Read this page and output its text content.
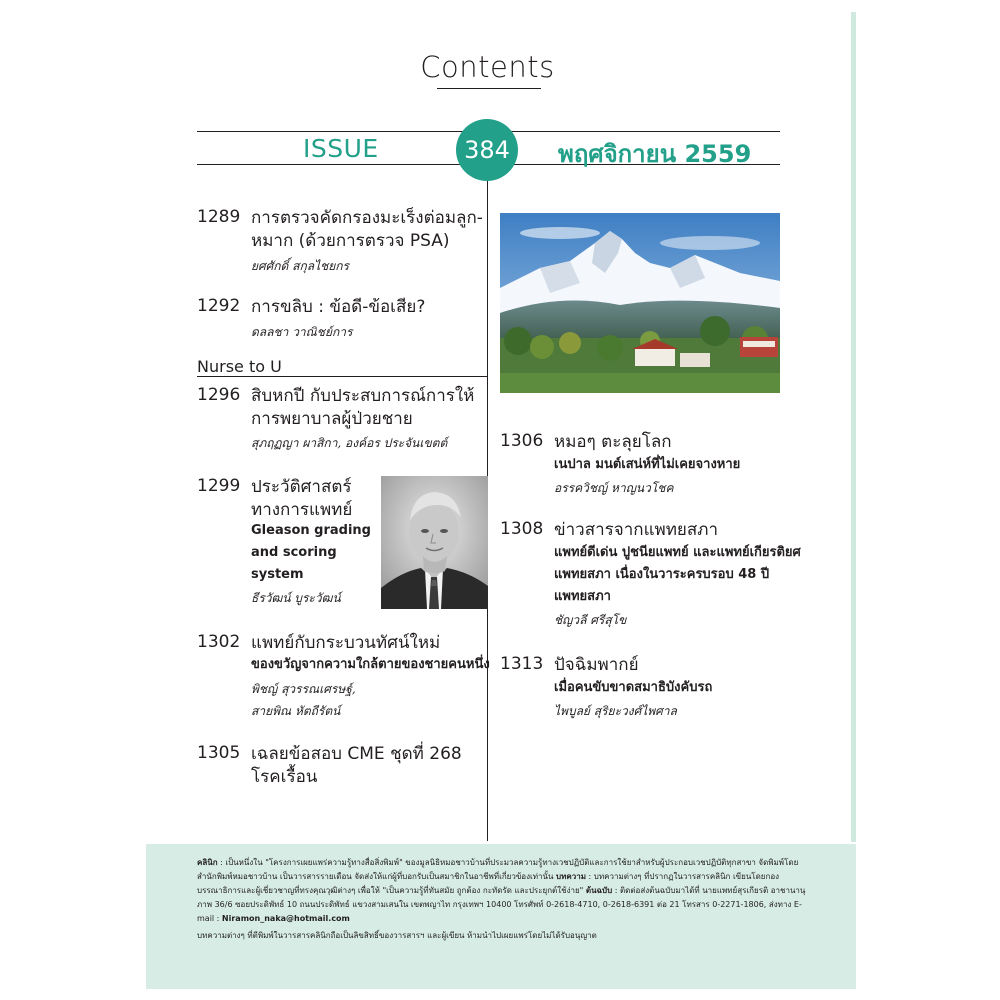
Contents
ISSUE	384	พฤศจิกายน 2559
1289 การตรวจคัดกรองมะเร็งต่อมลูก-
หมาก (ด้วยการตรวจ PSA)
ยศศักดิ์ สกุลไชยกร
1292 การขลิบ : ข้อดี-ข้อเสีย?
ดลลชา วาณิชย์การ
Nurse to U
1296 สิบหกปี กับประสบการณ์การให้
การพยาบาลผู้ป่วยชาย
สุภฤฏญา ผาสิกา, องค์อร ประจันเขตต์
1299 ประวัติศาสตร์
ทางการแพทย์
Gleason grading
and scoring
system
ธีรวัฒน์ บูระวัฒน์
1302 แพทย์กับกระบวนทัศน์ใหม่
ของขวัญจากความใกล้ตายของชายคนหนึ่ง
พิชญ์ สุวรรณเศรษฐ์,
สายพิณ หัตถีรัตน์
1305 เฉลยข้อสอบ CME ชุดที่ 268
โรคเรื้อน
1306 หมอๆ ตะลุยโลก
เนปาล มนต์เสน่ห์ที่ไม่เคยจางหาย
อรรควิชญ์ หาญนวโชค
1308 ข่าวสารจากแพทยสภา
แพทย์ดีเด่น ปูชนียแพทย์ และแพทย์เกียรติยศ
แพทยสภา เนื่องในวาระครบรอบ 48 ปี
แพทยสภา
ชัญวลี ศรีสุโข
1313 ปัจฉิมพากย์
เมื่อคนขับขาดสมาธิบังคับรถ
ไพบูลย์ สุริยะวงศ์ไพศาล
คลินิก : เป็นหนึ่งใน "โครงการเผยแพร่ความรู้ทางสื่อสิ่งพิมพ์" ของมูลนิธิหมอชาวบ้านที่ประมวลความรู้ทางเวชปฏิบัติและการใช้ยาสำหรับผู้ประกอบเวชปฏิบัติทุกสาขา จัดพิมพ์โดยสำนักพิมพ์หมอชาวบ้าน เป็นวารสารรายเดือน จัดส่งให้แก่ผู้ที่บอกรับเป็นสมาชิกในอาชีพที่เกี่ยวข้องเท่านั้น บทความ : บทความต่างๆ ที่ปรากฏในวารสารคลินิก เขียนโดยกองบรรณาธิการและผู้เชี่ยวชาญที่ทรงคุณวุฒิต่างๆ เพื่อให้ "เป็นความรู้ที่ทันสมัย ถูกต้อง กะทัดรัด และประยุกต์ใช้ง่าย" ต้นฉบับ : ติดต่อส่งต้นฉบับมาได้ที่ นายแพทย์สุรเกียรติ อาชานานุภาพ 36/6 ซอยประดิพัทธ์ 10 ถนนประดิพัทธ์ แขวงสามเสนใน เขตพญาไท กรุงเทพฯ 10400 โทรศัพท์ 0-2618-4710, 0-2618-6391 ต่อ 21 โทรสาร 0-2271-1806, ส่งทาง E-mail : Niramon_naka@hotmail.com
บทความต่างๆ ที่ตีพิมพ์ในวารสารคลินิกถือเป็นลิขสิทธิ์ของวารสารฯ และผู้เขียน ห้ามนำไปเผยแพร่โดยไม่ได้รับอนุญาต
